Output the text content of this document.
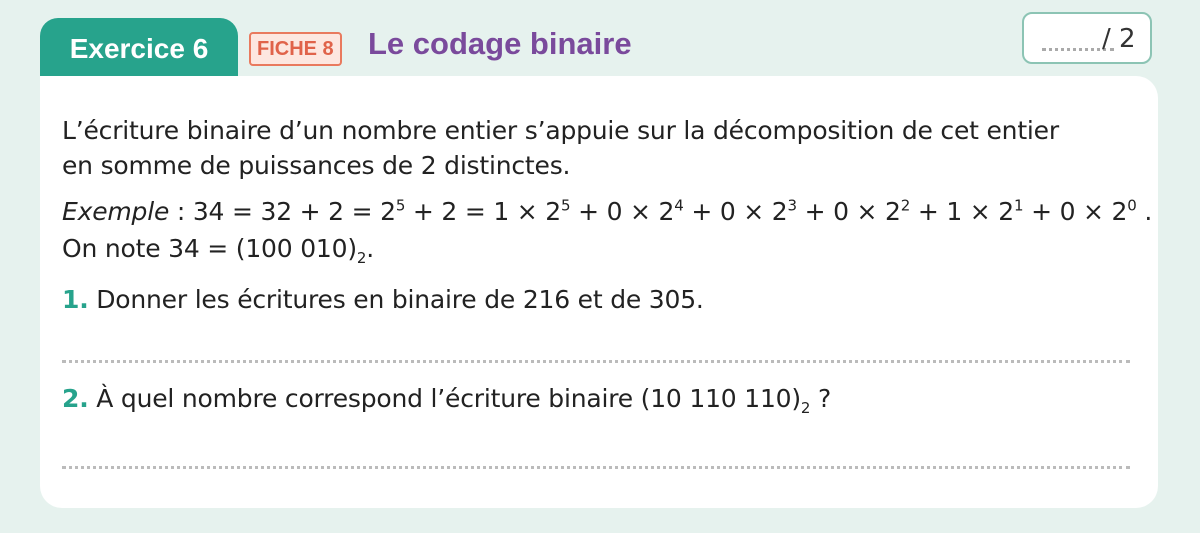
Exercice 6	FICHE 8 Le codage binaire	/ 2
L’écriture binaire d’un nombre entier s’appuie sur la décomposition de cet entier
en somme de puissances de 2 distinctes.
Exemple : $34 = 32 + 2 = 2^5 + 2 = 1 \times 2^5 + 0 \times 2^4 + 0 \times 2^3 + 0 \times 2^2 + 1 \times 2^1 + 0 \times 2^0$ .
On note 34 = (100 $010)_2$.
1. Donner les écritures en binaire de 216 et de 305.
2. À quel nombre correspond l’écriture binaire (10 110 $110)_2$ ?
